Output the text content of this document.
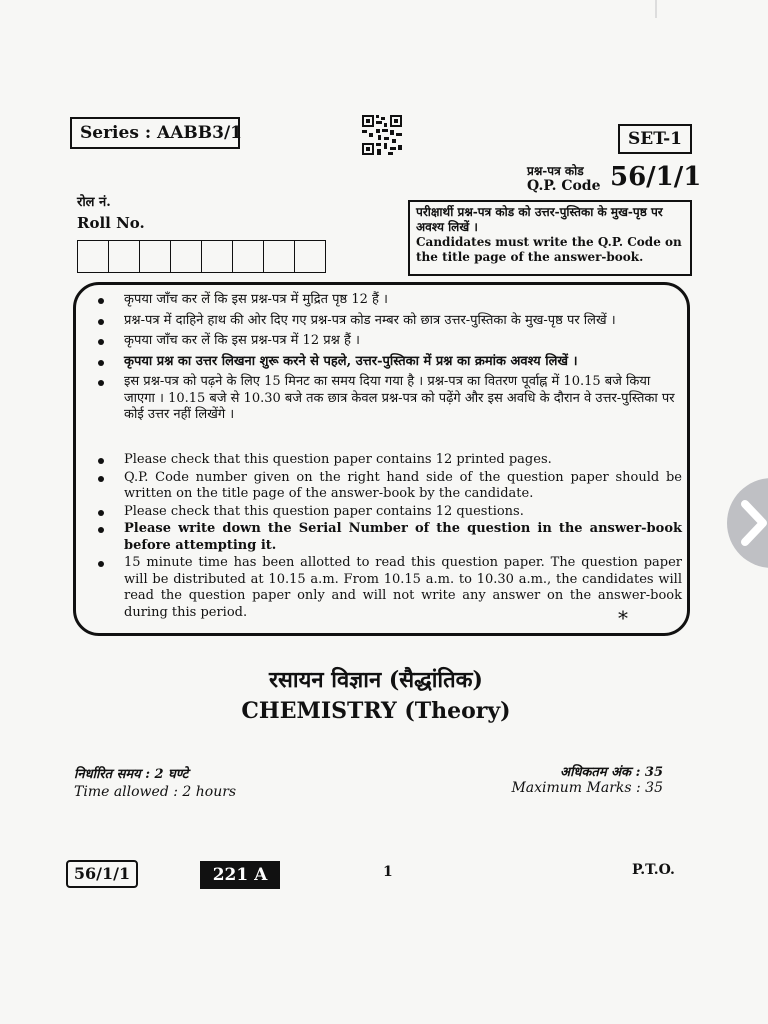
Series : AABB3/1	SET-1
प्रश्न-पत्र कोड
Q.P. Code 56/1/1
रोल नं.
Roll No.
परीक्षार्थी प्रश्न-पत्र कोड को उत्तर-पुस्तिका के मुख-पृष्ठ पर अवश्य लिखें ।
Candidates must write the Q.P. Code on the title page of the answer-book.
कृपया जाँच कर लें कि इस प्रश्न-पत्र में मुद्रित पृष्ठ 12 हैं ।
प्रश्न-पत्र में दाहिने हाथ की ओर दिए गए प्रश्न-पत्र कोड नम्बर को छात्र उत्तर-पुस्तिका के मुख-पृष्ठ पर लिखें ।
कृपया जाँच कर लें कि इस प्रश्न-पत्र में 12 प्रश्न हैं ।
कृपया प्रश्न का उत्तर लिखना शुरू करने से पहले, उत्तर-पुस्तिका में प्रश्न का क्रमांक अवश्य लिखें ।
इस प्रश्न-पत्र को पढ़ने के लिए 15 मिनट का समय दिया गया है । प्रश्न-पत्र का वितरण पूर्वाह्न में 10.15 बजे किया जाएगा । 10.15 बजे से 10.30 बजे तक छात्र केवल प्रश्न-पत्र को पढ़ेंगे और इस अवधि के दौरान वे उत्तर-पुस्तिका पर कोई उत्तर नहीं लिखेंगे ।
Please check that this question paper contains 12 printed pages.
Q.P. Code number given on the right hand side of the question paper should be written on the title page of the answer-book by the candidate.
Please check that this question paper contains 12 questions.
Please write down the Serial Number of the question in the answer-book before attempting it.
15 minute time has been allotted to read this question paper. The question paper will be distributed at 10.15 a.m. From 10.15 a.m. to 10.30 a.m., the candidates will read the question paper only and will not write any answer on the answer-book during this period.	*
रसायन विज्ञान (सैद्धांतिक)
CHEMISTRY (Theory)
निर्धारित समय : 2 घण्टे
Time allowed : 2 hours
अधिकतम अंक : 35
Maximum Marks : 35
56/1/1	221 A	1	P.T.O.
